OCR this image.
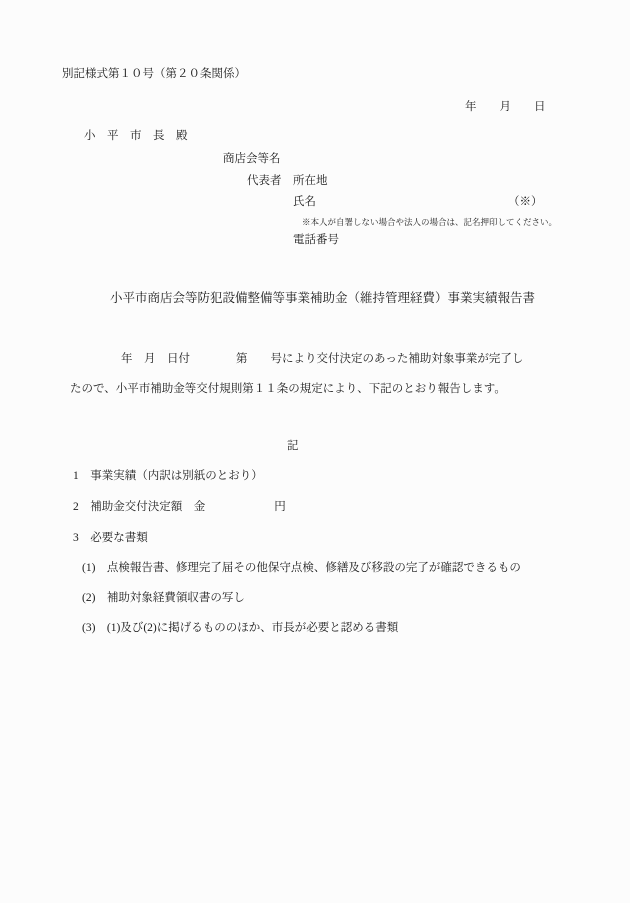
別記様式第１０号（第２０条関係）
年　　月　　日
小　平　市　長　殿
商店会等名
代表者 所在地
氏名	（※）
※本人が自署しない場合や法人の場合は、記名押印してください。
電話番号
小平市商店会等防犯設備整備等事業補助金（維持管理経費）事業実績報告書
年　月　日付　　　　第　　号により交付決定のあった補助対象事業が完了し
たので、小平市補助金等交付規則第１１条の規定により、下記のとおり報告します。
記
1　事業実績（内訳は別紙のとおり）
2　補助金交付決定額　金　　　　　　円
3　必要な書類
(1)　点検報告書、修理完了届その他保守点検、修繕及び移設の完了が確認できるもの
(2)　補助対象経費領収書の写し
(3)　(1)及び(2)に掲げるもののほか、市長が必要と認める書類
